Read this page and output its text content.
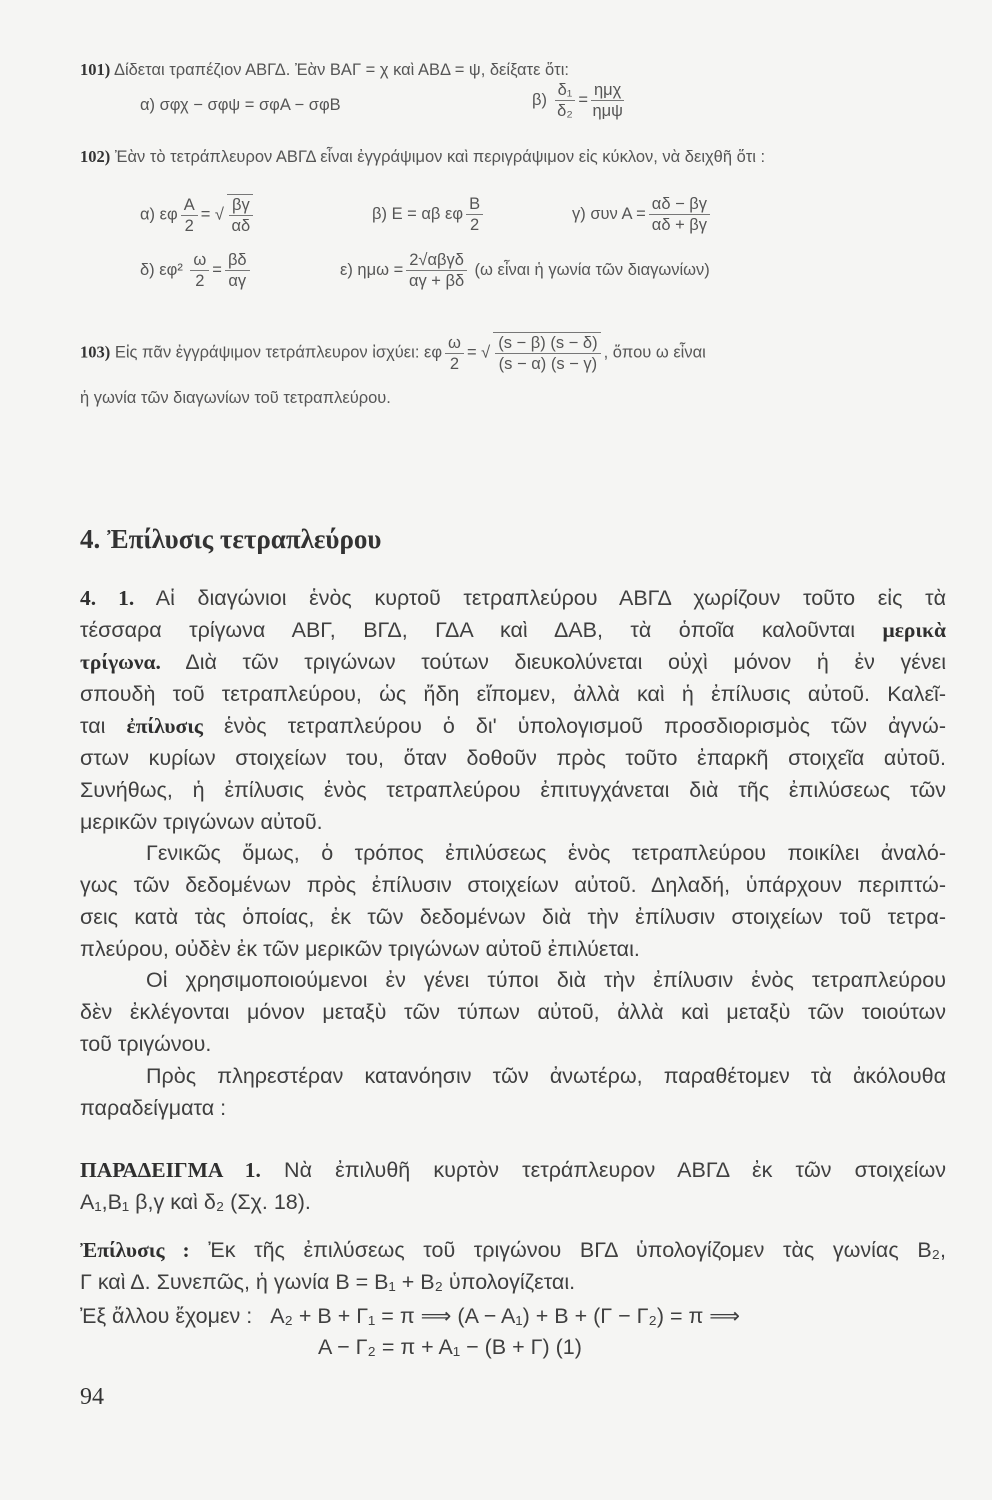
101) Δίδεται τραπέζιον ΑΒΓΔ. Ἐὰν ΒΑΓ = χ καὶ ΑΒΔ = ψ, δείξατε ὅτι:
α) σφχ − σφψ = σφΑ − σφΒ	$\beta) \frac{\text{δ₁}}{\text{δ₂}} = \frac{\text{ημχ}}{\text{ημψ}}$
102) Ἐὰν τὸ τετράπλευρον ΑΒΓΔ εἶναι ἐγγράψιμον καὶ περιγράψιμον εἰς κύκλον, νὰ δειχθῆ ὅτι :
α) εφ $\frac{A}{2}$ = √ $\frac{\beta\gamma}{\alpha\delta}$	β) Ε = αβ εφ $\frac{B}{2}$	γ) συν $A = \frac{\alpha\delta - \beta\gamma}{\alpha\delta + \beta\gamma}$
δ) $\varepsilon\varphi^2 \frac{\omega}{2} = \frac{\beta\delta}{\alpha\gamma}$	ε) $\eta\mu\omega = \frac{\text{2√αβγδ}}{\alpha\gamma + \beta\delta} (\omega$ εἶναι ἡ γωνία τῶν διαγωνίων)
103) Εἰς πᾶν ἐγγράψιμον τετράπλευρον ἰσχύει: εφ $\frac{\omega}{2}$ = √ $\frac{(s - \beta) (s - \delta)}{(s - \alpha) (s - \gamma)}$ , ὅπου ω εἶναι
ἡ γωνία τῶν διαγωνίων τοῦ τετραπλεύρου.
4. Ἐπίλυσις τετραπλεύρου
4. 1. Αἱ διαγώνιοι ἑνὸς κυρτοῦ τετραπλεύρου ΑΒΓΔ χωρίζουν τοῦτο εἰς τὰ
τέσσαρα τρίγωνα ΑΒΓ, ΒΓΔ, ΓΔΑ καὶ ΔΑΒ, τὰ ὁποῖα καλοῦνται μερικὰ
τρίγωνα. Διὰ τῶν τριγώνων τούτων διευκολύνεται οὐχὶ μόνον ἡ ἐν γένει
σπουδὴ τοῦ τετραπλεύρου, ὡς ἤδη εἴπομεν, ἀλλὰ καὶ ἡ ἐπίλυσις αὐτοῦ. Καλεῖ-
ται ἐπίλυσις ἑνὸς τετραπλεύρου ὁ δι' ὑπολογισμοῦ προσδιορισμὸς τῶν ἀγνώ-
στων κυρίων στοιχείων του, ὅταν δοθοῦν πρὸς τοῦτο ἐπαρκῆ στοιχεῖα αὐτοῦ.
Συνήθως, ἡ ἐπίλυσις ἑνὸς τετραπλεύρου ἐπιτυγχάνεται διὰ τῆς ἐπιλύσεως τῶν
μερικῶν τριγώνων αὐτοῦ.
Γενικῶς ὅμως, ὁ τρόπος ἐπιλύσεως ἑνὸς τετραπλεύρου ποικίλει ἀναλό-
γως τῶν δεδομένων πρὸς ἐπίλυσιν στοιχείων αὐτοῦ. Δηλαδή, ὑπάρχουν περιπτώ-
σεις κατὰ τὰς ὁποίας, ἐκ τῶν δεδομένων διὰ τὴν ἐπίλυσιν στοιχείων τοῦ τετρα-
πλεύρου, οὐδὲν ἐκ τῶν μερικῶν τριγώνων αὐτοῦ ἐπιλύεται.
Οἱ χρησιμοποιούμενοι ἐν γένει τύποι διὰ τὴν ἐπίλυσιν ἑνὸς τετραπλεύρου
δὲν ἐκλέγονται μόνον μεταξὺ τῶν τύπων αὐτοῦ, ἀλλὰ καὶ μεταξὺ τῶν τοιούτων
τοῦ τριγώνου.
Πρὸς πληρεστέραν κατανόησιν τῶν ἀνωτέρω, παραθέτομεν τὰ ἀκόλουθα
παραδείγματα :
ΠΑΡΑΔΕΙΓΜΑ 1. Νὰ ἐπιλυθῆ κυρτὸν τετράπλευρον ΑΒΓΔ ἐκ τῶν στοιχείων
Α₁,Β₁ β,γ καὶ δ₂ (Σχ. 18).
Ἐπίλυσις : Ἐκ τῆς ἐπιλύσεως τοῦ τριγώνου ΒΓΔ ὑπολογίζομεν τὰς γωνίας Β₂,
Γ καὶ Δ. Συνεπῶς, ἡ γωνία Β = Β₁ + Β₂ ὑπολογίζεται.
Ἐξ ἄλλου ἔχομεν : Α₂ + Β + Γ₁ = π ⟹ (Α − Α₁) + Β + (Γ − Γ₂) = π ⟹
Α − Γ₂ = π + Α₁ − (Β + Γ) (1)
94
